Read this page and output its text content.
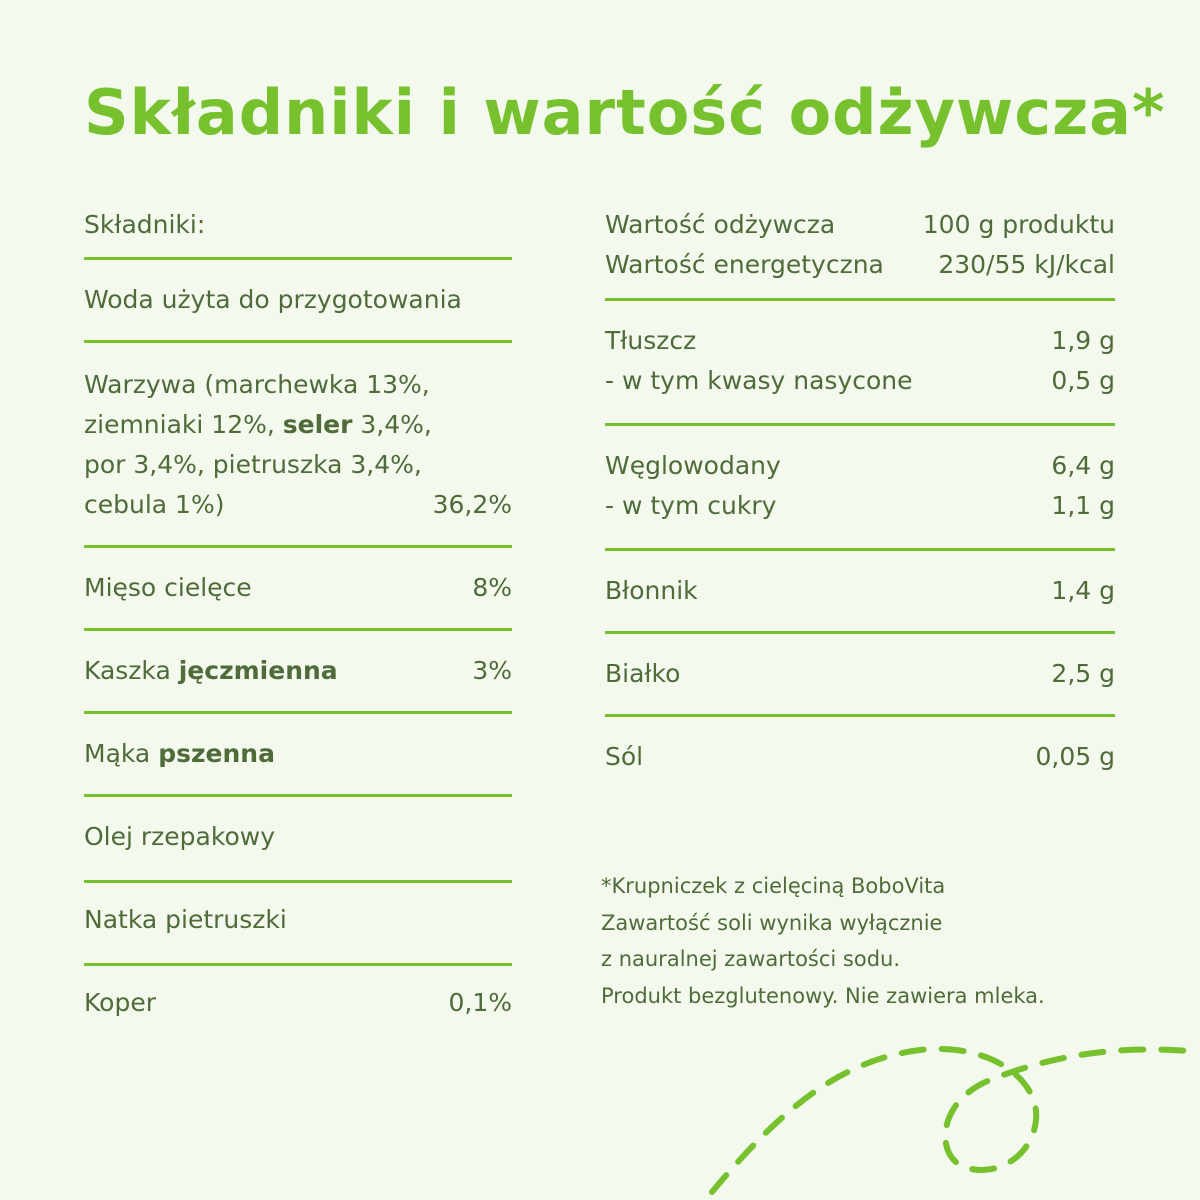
Składniki i wartość odżywcza*
Składniki:
Woda użyta do przygotowania
Warzywa (marchewka 13%,
ziemniaki 12%, seler 3,4%,
por 3,4%, pietruszka 3,4%,
cebula 1%)	36,2%
Mięso cielęce	8%
Kaszka jęczmienna	3%
Mąka pszenna
Olej rzepakowy
Natka pietruszki
Koper	0,1%
Wartość odżywcza	100 g produktu
Wartość energetyczna 230/55 kJ/kcal
Tłuszcz	1,9 g
- w tym kwasy nasycone	0,5 g
Węglowodany	6,4 g
- w tym cukry	1,1 g
Błonnik	1,4 g
Białko	2,5 g
Sól	0,05 g
*Krupniczek z cielęciną BoboVita
Zawartość soli wynika wyłącznie
z nauralnej zawartości sodu.
Produkt bezglutenowy. Nie zawiera mleka.
